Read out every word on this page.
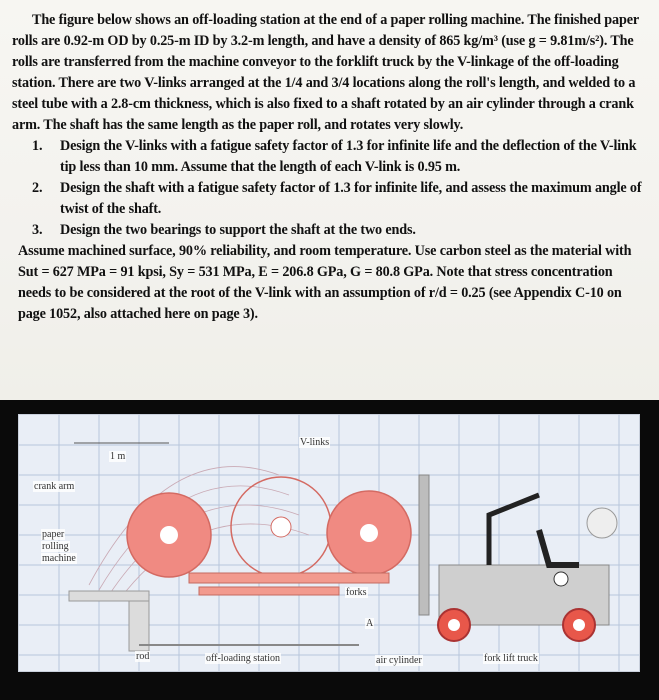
The figure below shows an off-loading station at the end of a paper rolling machine. The finished paper rolls are 0.92-m OD by 0.25-m ID by 3.2-m length, and have a density of 865 kg/m³ (use g = 9.81m/s²). The rolls are transferred from the machine conveyor to the forklift truck by the V-linkage of the off-loading station. There are two V-links arranged at the 1/4 and 3/4 locations along the roll's length, and welded to a steel tube with a 2.8-cm thickness, which is also fixed to a shaft rotated by an air cylinder through a crank arm. The shaft has the same length as the paper roll, and rotates very slowly.

1. Design the V-links with a fatigue safety factor of 1.3 for infinite life and the deflection of the V-link tip less than 10 mm. Assume that the length of each V-link is 0.95 m.
2. Design the shaft with a fatigue safety factor of 1.3 for infinite life, and assess the maximum angle of twist of the shaft.
3. Design the two bearings to support the shaft at the two ends.

Assume machined surface, 90% reliability, and room temperature. Use carbon steel as the material with Sut = 627 MPa = 91 kpsi, Sy = 531 MPa, E = 206.8 GPa, G = 80.8 GPa. Note that stress concentration needs to be considered at the root of the V-link with an assumption of r/d = 0.25 (see Appendix C-10 on page 1052, also attached here on page 3).

V-links
1 m
crank arm
paper
rolling
machine
forks
A
rod	off-loading station	air cylinder	fork lift truck
